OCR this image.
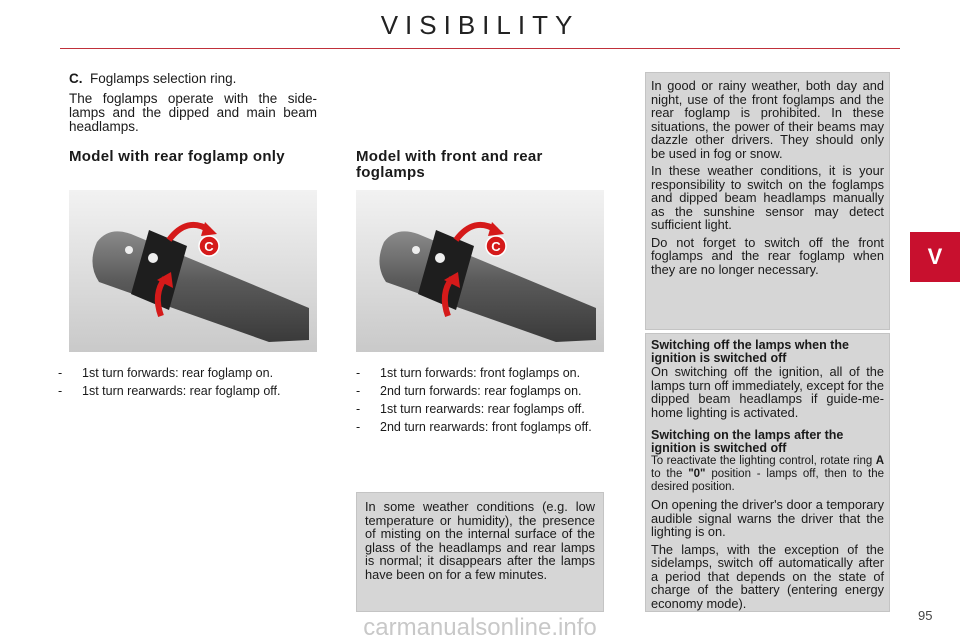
VISIBILITY
V

C. Foglamps selection ring.

The foglamps operate with the side-lamps and the dipped and main beam headlamps.

Model with rear foglamp only
C
- 1st turn forwards: rear foglamp on.
- 1st turn rearwards: rear foglamp off.
Model with front and rear foglamps
C
- 1st turn forwards: front foglamps on.
- 2nd turn forwards: rear foglamps on.
- 1st turn rearwards: rear foglamps off.
- 2nd turn rearwards: front foglamps off.

In some weather conditions (e.g. low temperature or humidity), the presence of misting on the internal surface of the glass of the headlamps and rear lamps is normal; it disappears after the lamps have been on for a few minutes.

In good or rainy weather, both day and night, use of the front foglamps and the rear foglamp is prohibited. In these situations, the power of their beams may dazzle other drivers. They should only be used in fog or snow.

In these weather conditions, it is your responsibility to switch on the foglamps and dipped beam headlamps manually as the sunshine sensor may detect sufficient light.

Do not forget to switch off the front foglamps and the rear foglamp when they are no longer necessary.

Switching off the lamps when the ignition is switched off

On switching off the ignition, all of the lamps turn off immediately, except for the dipped beam headlamps if guide-me-home lighting is activated.

Switching on the lamps after the ignition is switched off

To reactivate the lighting control, rotate ring A to the "0" position - lamps off, then to the desired position.

On opening the driver's door a temporary audible signal warns the driver that the lighting is on.

The lamps, with the exception of the sidelamps, switch off automatically after a period that depends on the state of charge of the battery (entering energy economy mode).

carmanualsonline.info	95
